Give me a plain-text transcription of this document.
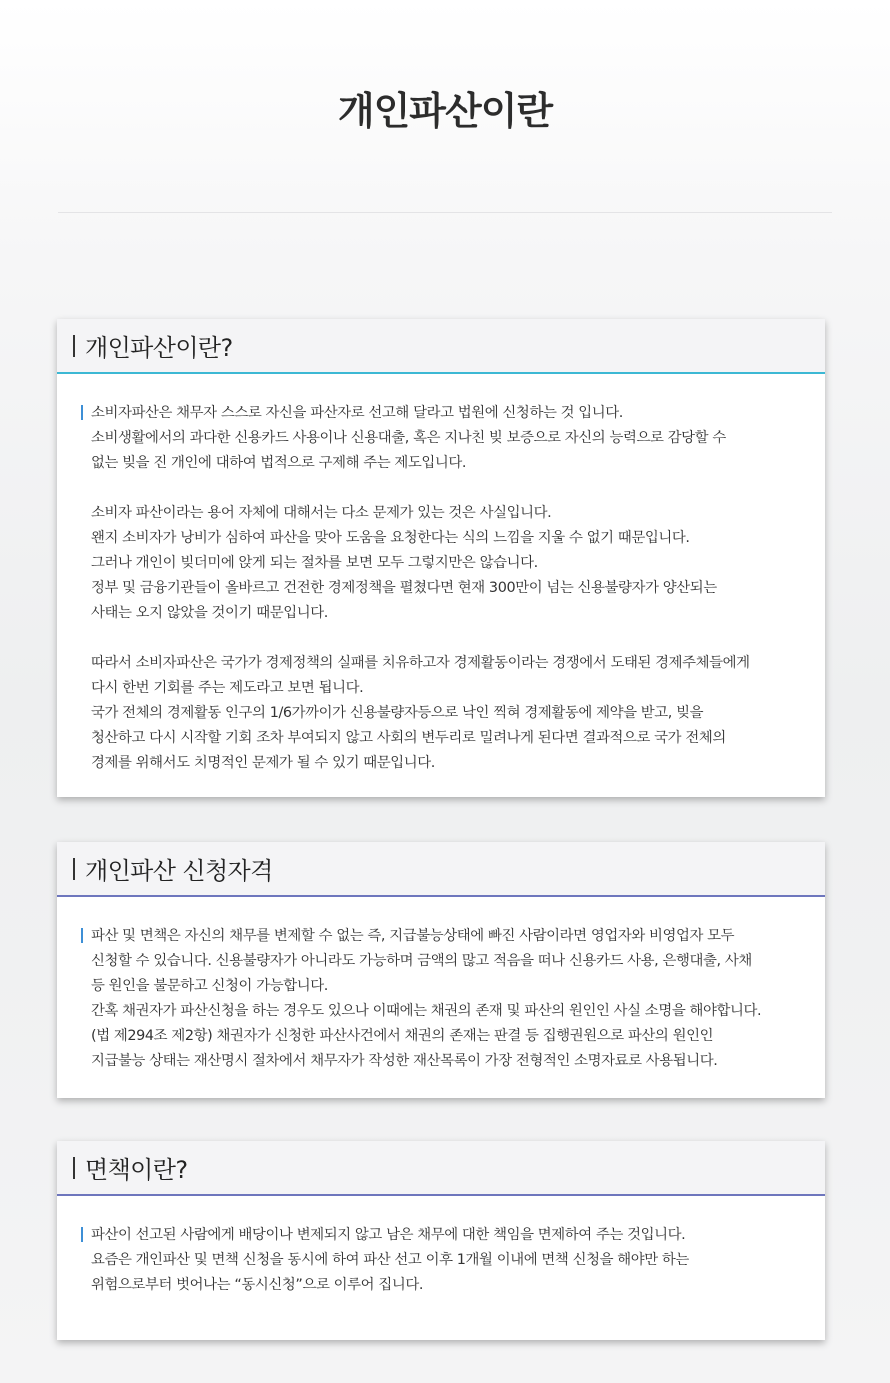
개인파산이란
개인파산이란?
소비자파산은 채무자 스스로 자신을 파산자로 선고해 달라고 법원에 신청하는 것 입니다.
소비생활에서의 과다한 신용카드 사용이나 신용대출, 혹은 지나친 빚 보증으로 자신의 능력으로 감당할 수
없는 빚을 진 개인에 대하여 법적으로 구제해 주는 제도입니다.
소비자 파산이라는 용어 자체에 대해서는 다소 문제가 있는 것은 사실입니다.
왠지 소비자가 낭비가 심하여 파산을 맞아 도움을 요청한다는 식의 느낌을 지울 수 없기 때문입니다.
그러나 개인이 빚더미에 앉게 되는 절차를 보면 모두 그렇지만은 않습니다.
정부 및 금융기관들이 올바르고 건전한 경제정책을 펼쳤다면 현재 300만이 넘는 신용불량자가 양산되는
사태는 오지 않았을 것이기 때문입니다.
따라서 소비자파산은 국가가 경제정책의 실패를 치유하고자 경제활동이라는 경쟁에서 도태된 경제주체들에게
다시 한번 기회를 주는 제도라고 보면 됩니다.
국가 전체의 경제활동 인구의 1/6가까이가 신용불량자등으로 낙인 찍혀 경제활동에 제약을 받고, 빚을
청산하고 다시 시작할 기회 조차 부여되지 않고 사회의 변두리로 밀려나게 된다면 결과적으로 국가 전체의
경제를 위해서도 치명적인 문제가 될 수 있기 때문입니다.
개인파산 신청자격
파산 및 면책은 자신의 채무를 변제할 수 없는 즉, 지급불능상태에 빠진 사람이라면 영업자와 비영업자 모두
신청할 수 있습니다. 신용불량자가 아니라도 가능하며 금액의 많고 적음을 떠나 신용카드 사용, 은행대출, 사채
등 원인을 불문하고 신청이 가능합니다.
간혹 채권자가 파산신청을 하는 경우도 있으나 이때에는 채권의 존재 및 파산의 원인인 사실 소명을 해야합니다.
(법 제294조 제2항) 채권자가 신청한 파산사건에서 채권의 존재는 판결 등 집행권원으로 파산의 원인인
지급불능 상태는 재산명시 절차에서 채무자가 작성한 재산목록이 가장 전형적인 소명자료로 사용됩니다.
면책이란?
파산이 선고된 사람에게 배당이나 변제되지 않고 남은 채무에 대한 책임을 면제하여 주는 것입니다.
요즘은 개인파산 및 면책 신청을 동시에 하여 파산 선고 이후 1개월 이내에 면책 신청을 해야만 하는
위험으로부터 벗어나는 “동시신청”으로 이루어 집니다.
